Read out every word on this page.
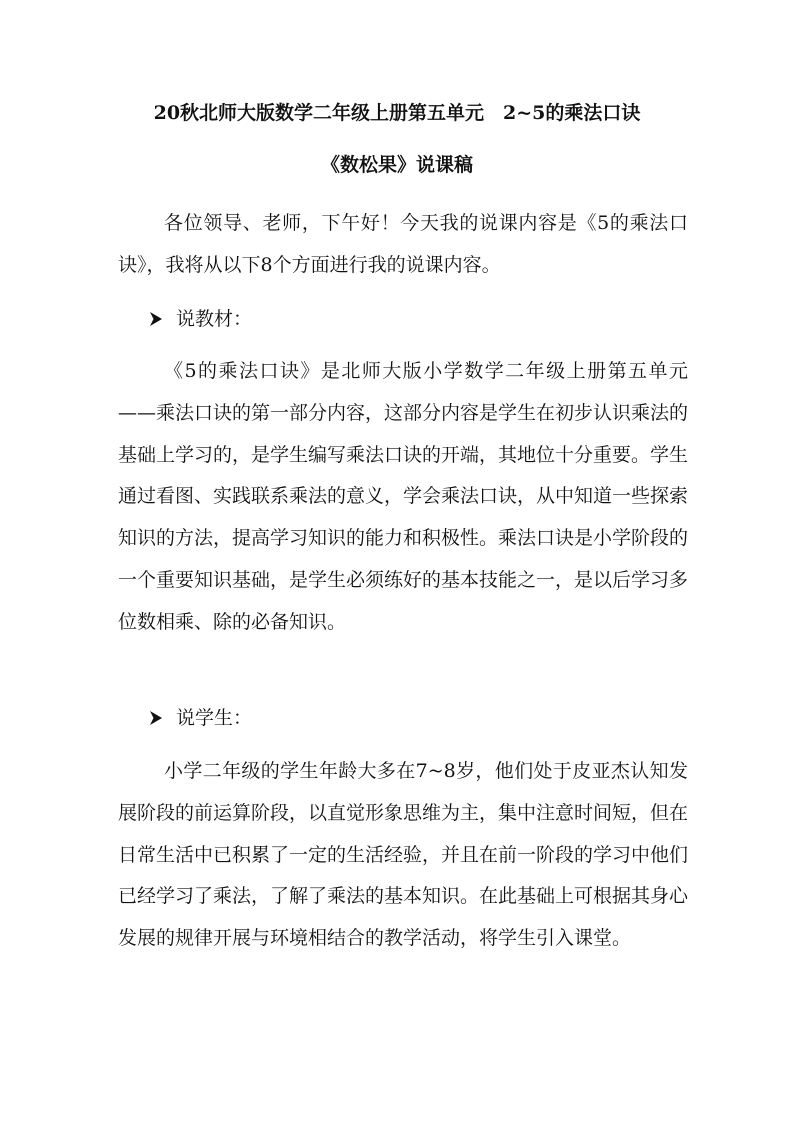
20秋北师大版数学二年级上册第五单元　2~5的乘法口诀
《数松果》说课稿

各位领导、老师，下午好！今天我的说课内容是《5的乘法口诀》，我将从以下8个方面进行我的说课内容。

说教材：

《5的乘法口诀》是北师大版小学数学二年级上册第五单元——乘法口诀的第一部分内容，这部分内容是学生在初步认识乘法的基础上学习的，是学生编写乘法口诀的开端，其地位十分重要。学生通过看图、实践联系乘法的意义，学会乘法口诀，从中知道一些探索知识的方法，提高学习知识的能力和积极性。乘法口诀是小学阶段的一个重要知识基础，是学生必须练好的基本技能之一，是以后学习多位数相乘、除的必备知识。

说学生：

小学二年级的学生年龄大多在7~8岁，他们处于皮亚杰认知发展阶段的前运算阶段，以直觉形象思维为主，集中注意时间短，但在日常生活中已积累了一定的生活经验，并且在前一阶段的学习中他们已经学习了乘法，了解了乘法的基本知识。在此基础上可根据其身心发展的规律开展与环境相结合的教学活动，将学生引入课堂。
